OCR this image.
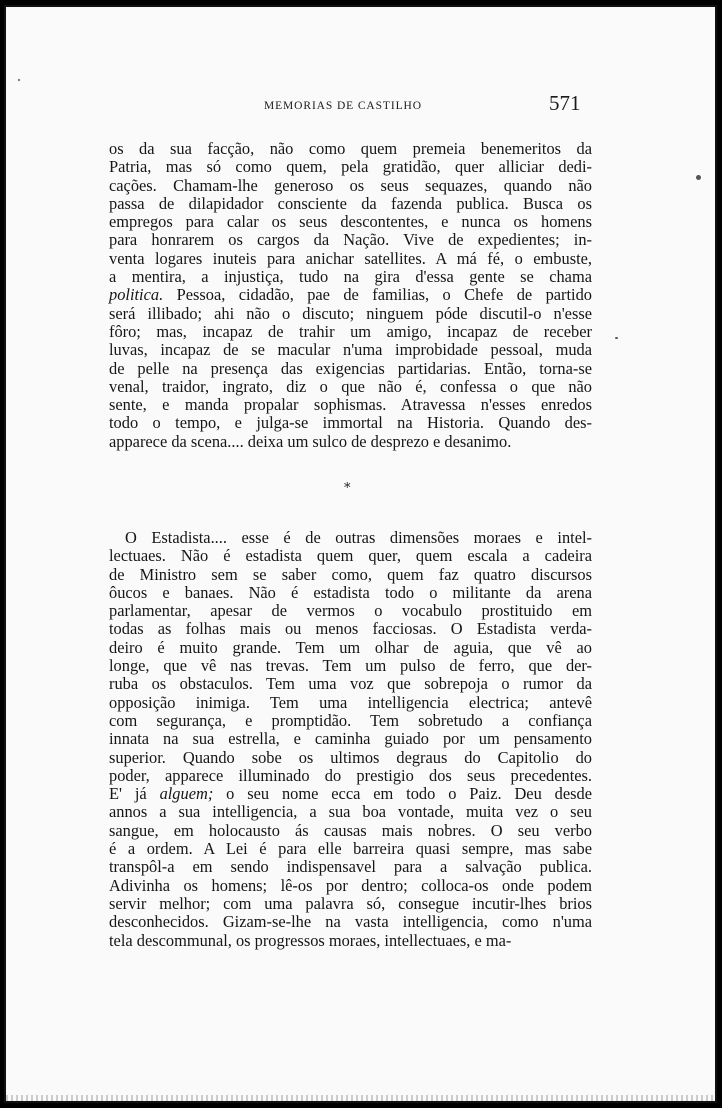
MEMORIAS DE CASTILHO	571
os da sua facção, não como quem premeia benemeritos da
Patria, mas só como quem, pela gratidão, quer alliciar dedi-
cações. Chamam-lhe generoso os seus sequazes, quando não
passa de dilapidador consciente da fazenda publica. Busca os
empregos para calar os seus descontentes, e nunca os homens
para honrarem os cargos da Nação. Vive de expedientes; in-
venta logares inuteis para anichar satellites. A má fé, o embuste,
a mentira, a injustiça, tudo na gira d'essa gente se chama
politica. Pessoa, cidadão, pae de familias, o Chefe de partido
será illibado; ahi não o discuto; ninguem póde discutil-o n'esse
fôro; mas, incapaz de trahir um amigo, incapaz de receber
luvas, incapaz de se macular n'uma improbidade pessoal, muda
de pelle na presença das exigencias partidarias. Então, torna-se
venal, traidor, ingrato, diz o que não é, confessa o que não
sente, e manda propalar sophismas. Atravessa n'esses enredos
todo o tempo, e julga-se immortal na Historia. Quando des-
apparece da scena.... deixa um sulco de desprezo e desanimo.
*
O Estadista.... esse é de outras dimensões moraes e intel-
lectuaes. Não é estadista quem quer, quem escala a cadeira
de Ministro sem se saber como, quem faz quatro discursos
ôucos e banaes. Não é estadista todo o militante da arena
parlamentar, apesar de vermos o vocabulo prostituido em
todas as folhas mais ou menos facciosas. O Estadista verda-
deiro é muito grande. Tem um olhar de aguia, que vê ao
longe, que vê nas trevas. Tem um pulso de ferro, que der-
ruba os obstaculos. Tem uma voz que sobrepoja o rumor da
opposição inimiga. Tem uma intelligencia electrica; antevê
com segurança, e promptidão. Tem sobretudo a confiança
innata na sua estrella, e caminha guiado por um pensamento
superior. Quando sobe os ultimos degraus do Capitolio do
poder, apparece illuminado do prestigio dos seus precedentes.
E' já alguem; o seu nome ecca em todo o Paiz. Deu desde
annos a sua intelligencia, a sua boa vontade, muita vez o seu
sangue, em holocausto ás causas mais nobres. O seu verbo
é a ordem. A Lei é para elle barreira quasi sempre, mas sabe
transpôl-a em sendo indispensavel para a salvação publica.
Adivinha os homens; lê-os por dentro; colloca-os onde podem
servir melhor; com uma palavra só, consegue incutir-lhes brios
desconhecidos. Gizam-se-lhe na vasta intelligencia, como n'uma
tela descommunal, os progressos moraes, intellectuaes, e ma-
